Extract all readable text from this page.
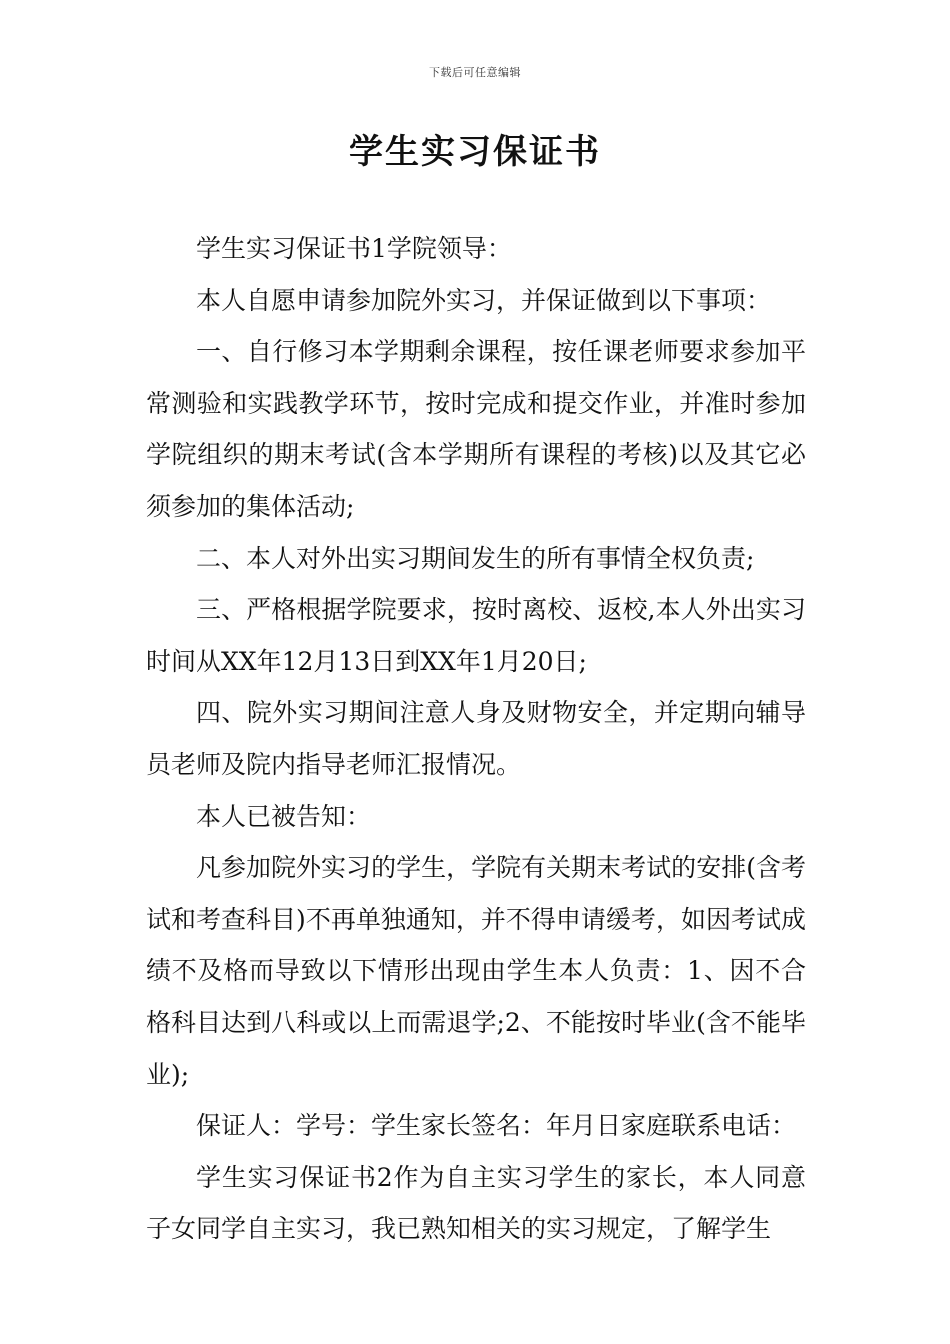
下载后可任意编辑
学生实习保证书

学生实习保证书1学院领导：

本人自愿申请参加院外实习，并保证做到以下事项：

一、自行修习本学期剩余课程，按任课老师要求参加平常测验和实践教学环节，按时完成和提交作业，并准时参加学院组织的期末考试(含本学期所有课程的考核)以及其它必须参加的集体活动;

二、本人对外出实习期间发生的所有事情全权负责;

三、严格根据学院要求，按时离校、返校,本人外出实习时间从XX年12月13日到XX年1月20日;

四、院外实习期间注意人身及财物安全，并定期向辅导员老师及院内指导老师汇报情况。

本人已被告知：

凡参加院外实习的学生，学院有关期末考试的安排(含考试和考查科目)不再单独通知，并不得申请缓考，如因考试成绩不及格而导致以下情形出现由学生本人负责：1、因不合格科目达到八科或以上而需退学;2、不能按时毕业(含不能毕业);

保证人：学号：学生家长签名：年月日家庭联系电话：

学生实习保证书2作为自主实习学生的家长，本人同意子女同学自主实习，我已熟知相关的实习规定，了解学生
